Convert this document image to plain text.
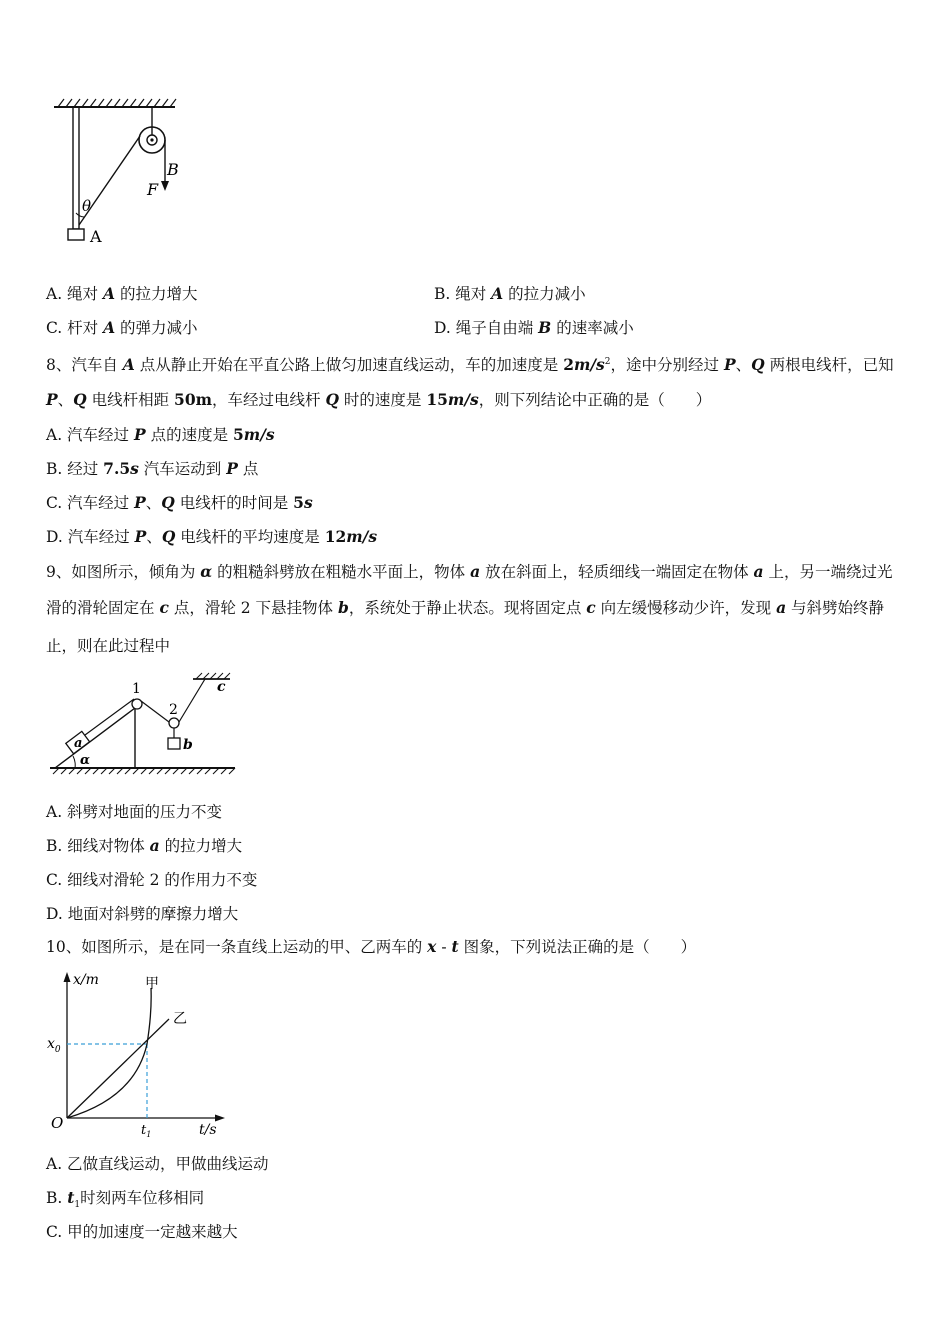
B
F
θ
A
A. 绳对 A 的拉力增大	B. 绳对 A 的拉力减小
C. 杆对 A 的弹力减小	D. 绳子自由端 B 的速率减小
8、汽车自 A 点从静止开始在平直公路上做匀加速直线运动，车的加速度是 $2m/s^2$，途中分别经过 P、Q 两根电线杆，已知
P、Q 电线杆相距 50m，车经过电线杆 Q 时的速度是 15m/s，则下列结论中正确的是（　　）
A. 汽车经过 P 点的速度是 5m/s
B. 经过 7.5s 汽车运动到 P 点
C. 汽车经过 P、Q 电线杆的时间是 5s
D. 汽车经过 P、Q 电线杆的平均速度是 12m/s
9、如图所示，倾角为 α 的粗糙斜劈放在粗糙水平面上，物体 a 放在斜面上，轻质细线一端固定在物体 a 上，另一端绕过光
滑的滑轮固定在 c 点，滑轮 2 下悬挂物体 b，系统处于静止状态。现将固定点 c 向左缓慢移动少许，发现 a 与斜劈始终静
止，则在此过程中
1
2
c
a	b
α
A. 斜劈对地面的压力不变
B. 细线对物体 a 的拉力增大
C. 细线对滑轮 2 的作用力不变
D. 地面对斜劈的摩擦力增大
10、如图所示，是在同一条直线上运动的甲、乙两车的 x - t 图象，下列说法正确的是（　　）
x/m	甲
乙
$x_0$
O	$t_1$	t/s
A. 乙做直线运动，甲做曲线运动
B. $t_1$时刻两车位移相同
C. 甲的加速度一定越来越大
